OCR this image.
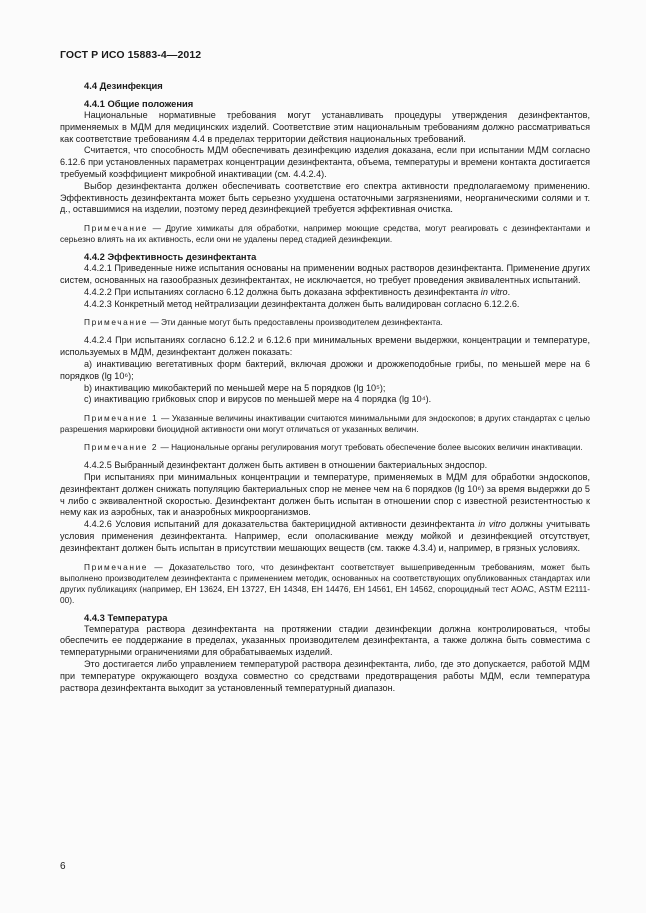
ГОСТ Р ИСО 15883-4—2012
4.4 Дезинфекция
4.4.1 Общие положения

Национальные нормативные требования могут устанавливать процедуры утверждения дезинфектантов, применяемых в МДМ для медицинских изделий. Соответствие этим национальным требованиям должно рассматриваться как соответствие требованиям 4.4 в пределах территории действия национальных требований.

Считается, что способность МДМ обеспечивать дезинфекцию изделия доказана, если при испытании МДМ согласно 6.12.6 при установленных параметрах концентрации дезинфектанта, объема, температуры и времени контакта достигается требуемый коэффициент микробной инактивации (см. 4.4.2.4).

Выбор дезинфектанта должен обеспечивать соответствие его спектра активности предполагаемому применению. Эффективность дезинфектанта может быть серьезно ухудшена остаточными загрязнениями, неорганическими солями и т. д., оставшимися на изделии, поэтому перед дезинфекцией требуется эффективная очистка.

Примечание — Другие химикаты для обработки, например моющие средства, могут реагировать с дезинфектантами и серьезно влиять на их активность, если они не удалены перед стадией дезинфекции.

4.4.2 Эффективность дезинфектанта

4.4.2.1 Приведенные ниже испытания основаны на применении водных растворов дезинфектанта. Применение других систем, основанных на газообразных дезинфектантах, не исключается, но требует проведения эквивалентных испытаний.

4.4.2.2 При испытаниях согласно 6.12 должна быть доказана эффективность дезинфектанта in vitro.

4.4.2.3 Конкретный метод нейтрализации дезинфектанта должен быть валидирован согласно 6.12.2.6.

Примечание — Эти данные могут быть предоставлены производителем дезинфектанта.

4.4.2.4 При испытаниях согласно 6.12.2 и 6.12.6 при минимальных времени выдержки, концентрации и температуре, используемых в МДМ, дезинфектант должен показать:

a) инактивацию вегетативных форм бактерий, включая дрожжи и дрожжеподобные грибы, по меньшей мере на 6 порядков (lg 10⁶);

b) инактивацию микобактерий по меньшей мере на 5 порядков (lg 10⁵);

c) инактивацию грибковых спор и вирусов по меньшей мере на 4 порядка (lg 10⁴).

Примечание 1 — Указанные величины инактивации считаются минимальными для эндоскопов; в других стандартах с целью разрешения маркировки биоцидной активности они могут отличаться от указанных величин.

Примечание 2 — Национальные органы регулирования могут требовать обеспечение более высоких величин инактивации.

4.4.2.5 Выбранный дезинфектант должен быть активен в отношении бактериальных эндоспор.

При испытаниях при минимальных концентрации и температуре, применяемых в МДМ для обработки эндоскопов, дезинфектант должен снижать популяцию бактериальных спор не менее чем на 6 порядков (lg 10⁶) за время выдержки до 5 ч либо с эквивалентной скоростью. Дезинфектант должен быть испытан в отношении спор с известной резистентностью к нему как из аэробных, так и анаэробных микроорганизмов.

4.4.2.6 Условия испытаний для доказательства бактерицидной активности дезинфектанта in vitro должны учитывать условия применения дезинфектанта. Например, если ополаскивание между мойкой и дезинфекцией отсутствует, дезинфектант должен быть испытан в присутствии мешающих веществ (см. также 4.3.4) и, например, в грязных условиях.

Примечание — Доказательство того, что дезинфектант соответствует вышеприведенным требованиям, может быть выполнено производителем дезинфектанта с применением методик, основанных на соответствующих опубликованных стандартах или других публикациях (например, ЕН 13624, ЕН 13727, ЕН 14348, ЕН 14476, ЕН 14561, ЕН 14562, спороцидный тест АОАС, ASTM E2111-00).

4.4.3 Температура

Температура раствора дезинфектанта на протяжении стадии дезинфекции должна контролироваться, чтобы обеспечить ее поддержание в пределах, указанных производителем дезинфектанта, а также должна быть совместима с температурными ограничениями для обрабатываемых изделий.

Это достигается либо управлением температурой раствора дезинфектанта, либо, где это допускается, работой МДМ при температуре окружающего воздуха совместно со средствами предотвращения работы МДМ, если температура раствора дезинфектанта выходит за установленный температурный диапазон.

6
